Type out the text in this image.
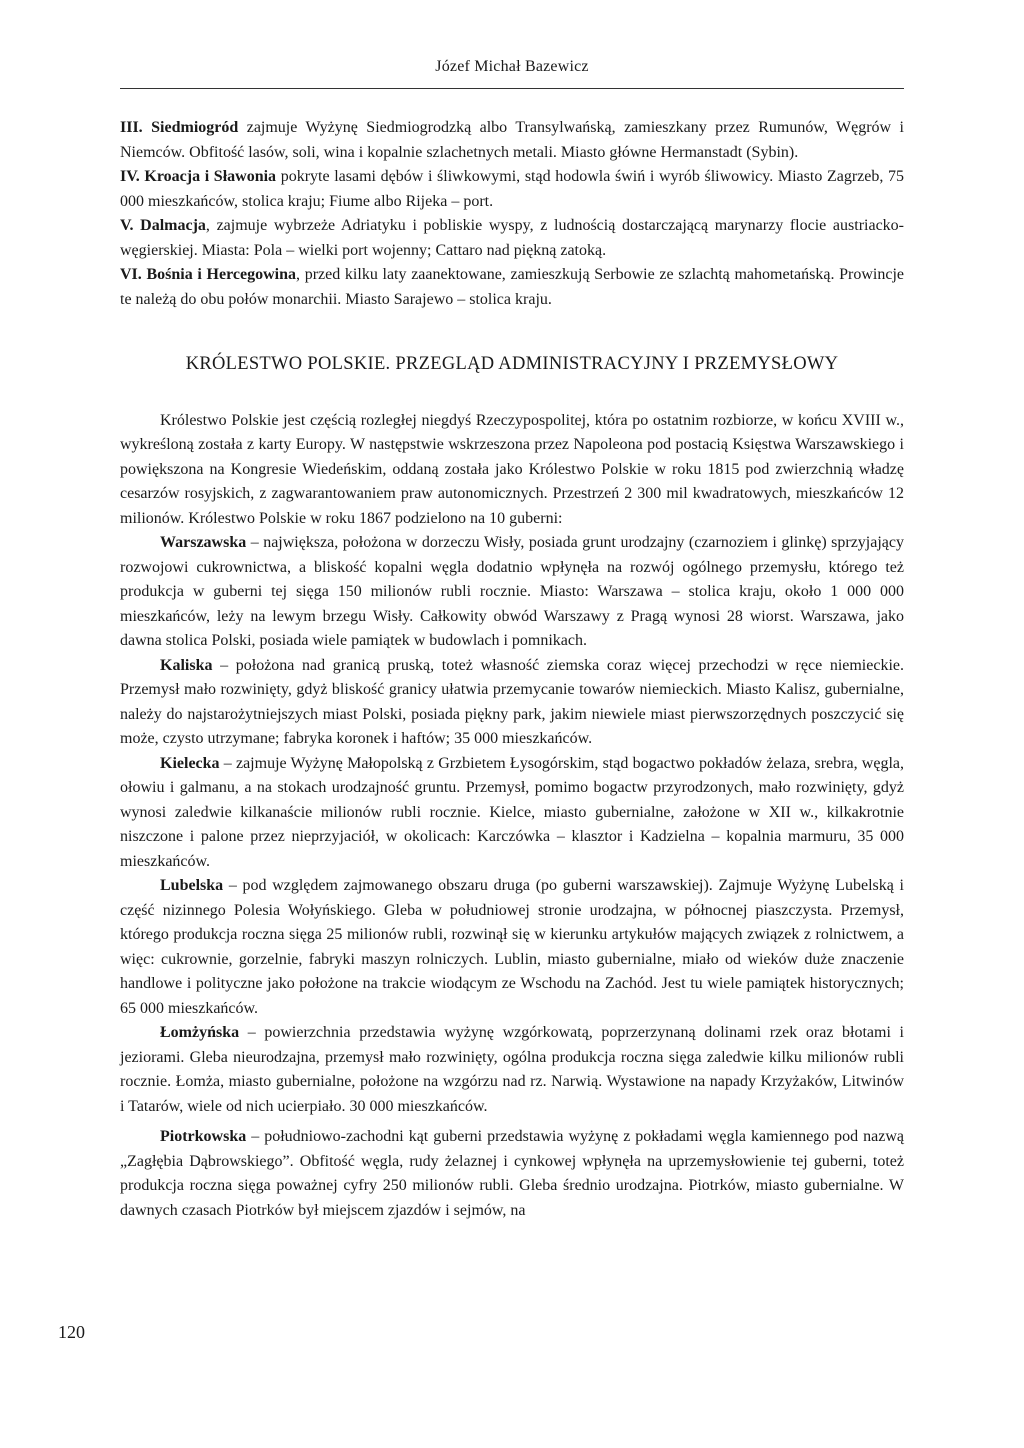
Józef Michał Bazewicz

III. Siedmiogród zajmuje Wyżynę Siedmiogrodzką albo Transylwańską, zamieszkany przez Rumunów, Węgrów i Niemców. Obfitość lasów, soli, wina i kopalnie szlachetnych metali. Miasto główne Hermanstadt (Sybin).

IV. Kroacja i Sławonia pokryte lasami dębów i śliwkowymi, stąd hodowla świń i wyrób śliwowicy. Miasto Zagrzeb, 75 000 mieszkańców, stolica kraju; Fiume albo Rijeka – port.

V. Dalmacja, zajmuje wybrzeże Adriatyku i pobliskie wyspy, z ludnością dostarczającą marynarzy flocie austriacko-węgierskiej. Miasta: Pola – wielki port wojenny; Cattaro nad piękną zatoką.

VI. Bośnia i Hercegowina, przed kilku laty zaanektowane, zamieszkują Serbowie ze szlachtą mahometańską. Prowincje te należą do obu połów monarchii. Miasto Sarajewo – stolica kraju.

KRÓLESTWO POLSKIE. PRZEGLĄD ADMINISTRACYJNY I PRZEMYSŁOWY

Królestwo Polskie jest częścią rozległej niegdyś Rzeczypospolitej, która po ostatnim rozbiorze, w końcu XVIII w., wykreśloną została z karty Europy. W następstwie wskrzeszona przez Napoleona pod postacią Księstwa Warszawskiego i powiększona na Kongresie Wiedeńskim, oddaną została jako Królestwo Polskie w roku 1815 pod zwierzchnią władzę cesarzów rosyjskich, z zagwarantowaniem praw autonomicznych. Przestrzeń 2 300 mil kwadratowych, mieszkańców 12 milionów. Królestwo Polskie w roku 1867 podzielono na 10 guberni:

Warszawska – największa, położona w dorzeczu Wisły, posiada grunt urodzajny (czarnoziem i glinkę) sprzyjający rozwojowi cukrownictwa, a bliskość kopalni węgla dodatnio wpłynęła na rozwój ogólnego przemysłu, którego też produkcja w guberni tej sięga 150 milionów rubli rocznie. Miasto: Warszawa – stolica kraju, około 1 000 000 mieszkańców, leży na lewym brzegu Wisły. Całkowity obwód Warszawy z Pragą wynosi 28 wiorst. Warszawa, jako dawna stolica Polski, posiada wiele pamiątek w budowlach i pomnikach.

Kaliska – położona nad granicą pruską, toteż własność ziemska coraz więcej przechodzi w ręce niemieckie. Przemysł mało rozwinięty, gdyż bliskość granicy ułatwia przemycanie towarów niemieckich. Miasto Kalisz, gubernialne, należy do najstarożytniejszych miast Polski, posiada piękny park, jakim niewiele miast pierwszorzędnych poszczycić się może, czysto utrzymane; fabryka koronek i haftów; 35 000 mieszkańców.

Kielecka – zajmuje Wyżynę Małopolską z Grzbietem Łysogórskim, stąd bogactwo pokładów żelaza, srebra, węgla, ołowiu i galmanu, a na stokach urodzajność gruntu. Przemysł, pomimo bogactw przyrodzonych, mało rozwinięty, gdyż wynosi zaledwie kilkanaście milionów rubli rocznie. Kielce, miasto gubernialne, założone w XII w., kilkakrotnie niszczone i palone przez nieprzyjaciół, w okolicach: Karczówka – klasztor i Kadzielna – kopalnia marmuru, 35 000 mieszkańców.

Lubelska – pod względem zajmowanego obszaru druga (po guberni warszawskiej). Zajmuje Wyżynę Lubelską i część nizinnego Polesia Wołyńskiego. Gleba w południowej stronie urodzajna, w północnej piaszczysta. Przemysł, którego produkcja roczna sięga 25 milionów rubli, rozwinął się w kierunku artykułów mających związek z rolnictwem, a więc: cukrownie, gorzelnie, fabryki maszyn rolniczych. Lublin, miasto gubernialne, miało od wieków duże znaczenie handlowe i polityczne jako położone na trakcie wiodącym ze Wschodu na Zachód. Jest tu wiele pamiątek historycznych; 65 000 mieszkańców.

Łomżyńska – powierzchnia przedstawia wyżynę wzgórkowatą, poprzerzynaną dolinami rzek oraz błotami i jeziorami. Gleba nieurodzajna, przemysł mało rozwinięty, ogólna produkcja roczna sięga zaledwie kilku milionów rubli rocznie. Łomża, miasto gubernialne, położone na wzgórzu nad rz. Narwią. Wystawione na napady Krzyżaków, Litwinów i Tatarów, wiele od nich ucierpiało. 30 000 mieszkańców.

Piotrkowska – południowo-zachodni kąt guberni przedstawia wyżynę z pokładami węgla kamiennego pod nazwą „Zagłębia Dąbrowskiego”. Obfitość węgla, rudy żelaznej i cynkowej wpłynęła na uprzemysłowienie tej guberni, toteż produkcja roczna sięga poważnej cyfry 250 milionów rubli. Gleba średnio urodzajna. Piotrków, miasto gubernialne. W dawnych czasach Piotrków był miejscem zjazdów i sejmów, na

120
